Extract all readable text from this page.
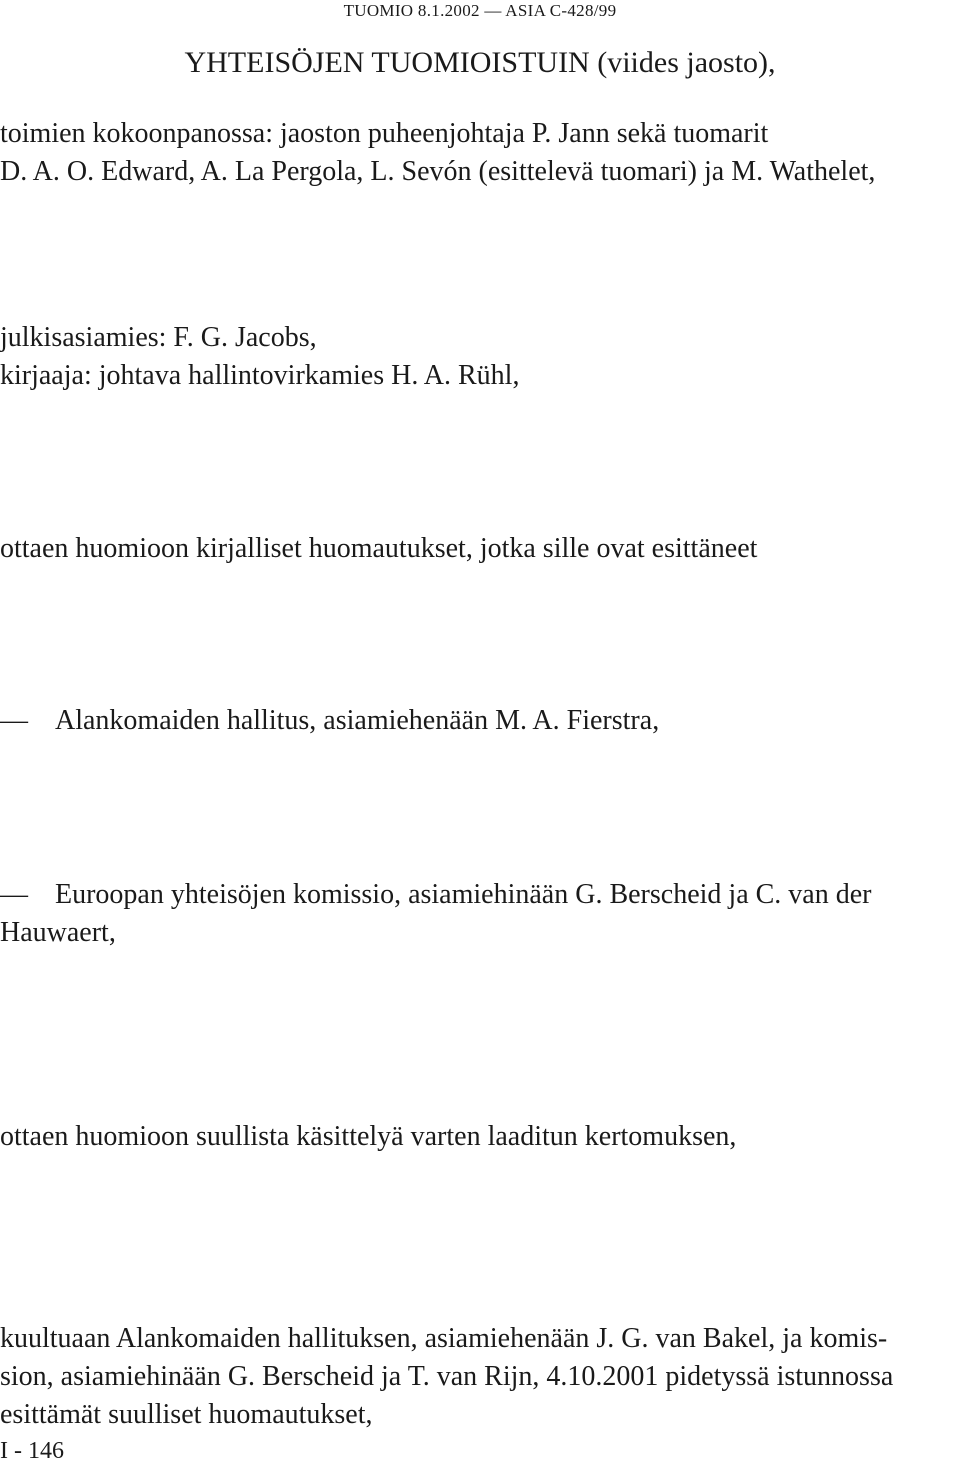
TUOMIO 8.1.2002 — ASIA C-428/99
YHTEISÖJEN TUOMIOISTUIN (viides jaosto),
toimien kokoonpanossa: jaoston puheenjohtaja P. Jann sekä tuomarit
D. A. O. Edward, A. La Pergola, L. Sevón (esittelevä tuomari) ja M. Wathelet,
julkisasiamies: F. G. Jacobs,
kirjaaja: johtava hallintovirkamies H. A. Rühl,
ottaen huomioon kirjalliset huomautukset, jotka sille ovat esittäneet
— Alankomaiden hallitus, asiamiehenään M. A. Fierstra,
— Euroopan yhteisöjen komissio, asiamiehinään G. Berscheid ja C. van der
Hauwaert,
ottaen huomioon suullista käsittelyä varten laaditun kertomuksen,
kuultuaan Alankomaiden hallituksen, asiamiehenään J. G. van Bakel, ja komis-
sion, asiamiehinään G. Berscheid ja T. van Rijn, 4.10.2001 pidetyssä istunnossa
esittämät suulliset huomautukset,
I - 146
